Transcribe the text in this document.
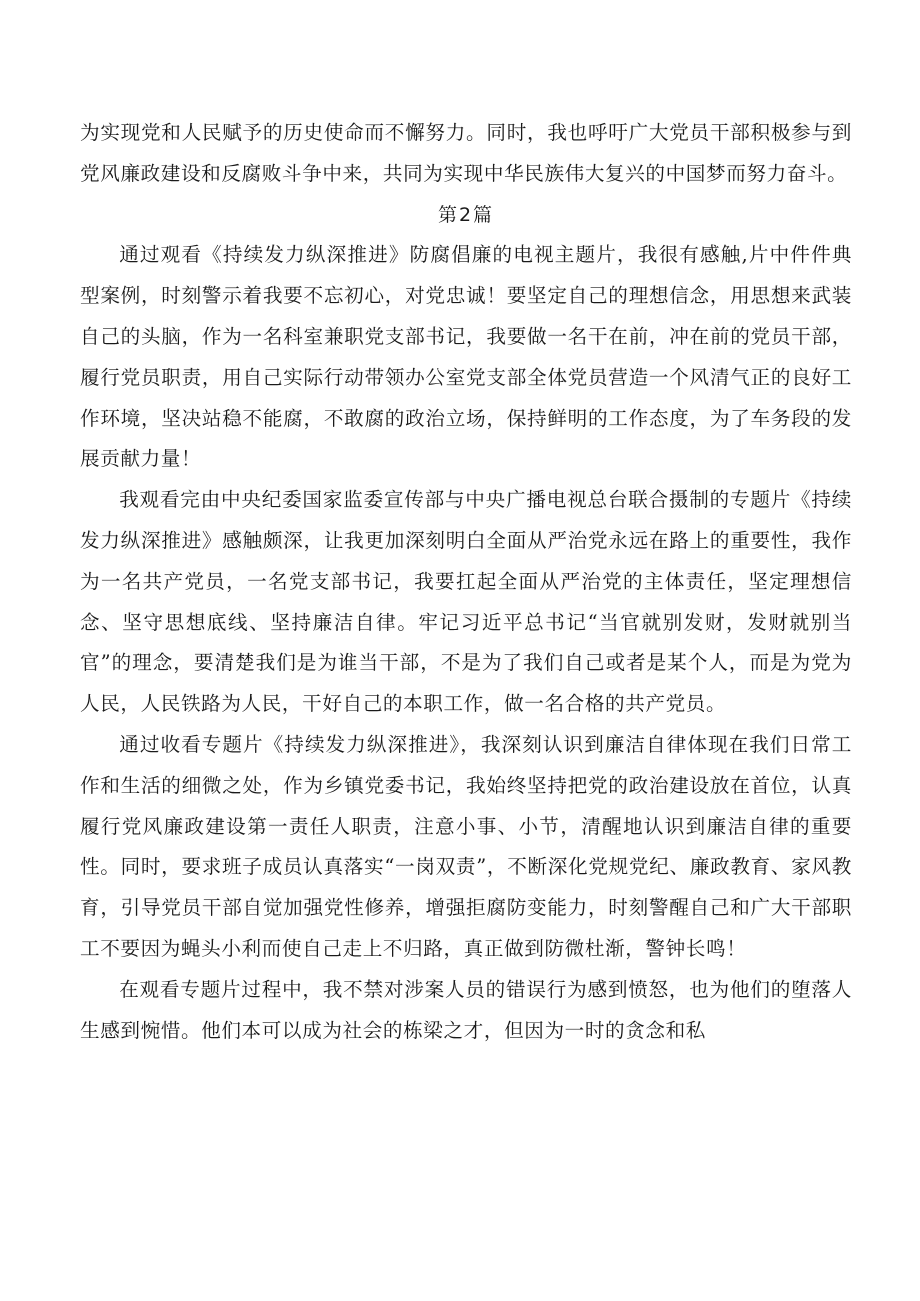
为实现党和人民赋予的历史使命而不懈努力。同时，我也呼吁广大党员干部积极参与到党风廉政建设和反腐败斗争中来，共同为实现中华民族伟大复兴的中国梦而努力奋斗。

第2篇

通过观看《持续发力纵深推进》防腐倡廉的电视主题片，我很有感触,片中件件典型案例，时刻警示着我要不忘初心，对党忠诚！要坚定自己的理想信念，用思想来武装自己的头脑，作为一名科室兼职党支部书记，我要做一名干在前，冲在前的党员干部，履行党员职责，用自己实际行动带领办公室党支部全体党员营造一个风清气正的良好工作环境，坚决站稳不能腐，不敢腐的政治立场，保持鲜明的工作态度，为了车务段的发展贡献力量！

我观看完由中央纪委国家监委宣传部与中央广播电视总台联合摄制的专题片《持续发力纵深推进》感触颇深，让我更加深刻明白全面从严治党永远在路上的重要性，我作为一名共产党员，一名党支部书记，我要扛起全面从严治党的主体责任，坚定理想信念、坚守思想底线、坚持廉洁自律。牢记习近平总书记“当官就别发财，发财就别当官”的理念，要清楚我们是为谁当干部，不是为了我们自己或者是某个人，而是为党为人民，人民铁路为人民，干好自己的本职工作，做一名合格的共产党员。

通过收看专题片《持续发力纵深推进》，我深刻认识到廉洁自律体现在我们日常工作和生活的细微之处，作为乡镇党委书记，我始终坚持把党的政治建设放在首位，认真履行党风廉政建设第一责任人职责，注意小事、小节，清醒地认识到廉洁自律的重要性。同时，要求班子成员认真落实“一岗双责”，不断深化党规党纪、廉政教育、家风教育，引导党员干部自觉加强党性修养，增强拒腐防变能力，时刻警醒自己和广大干部职工不要因为蝇头小利而使自己走上不归路，真正做到防微杜渐，警钟长鸣！

在观看专题片过程中，我不禁对涉案人员的错误行为感到愤怒，也为他们的堕落人生感到惋惜。他们本可以成为社会的栋梁之才，但因为一时的贪念和私
